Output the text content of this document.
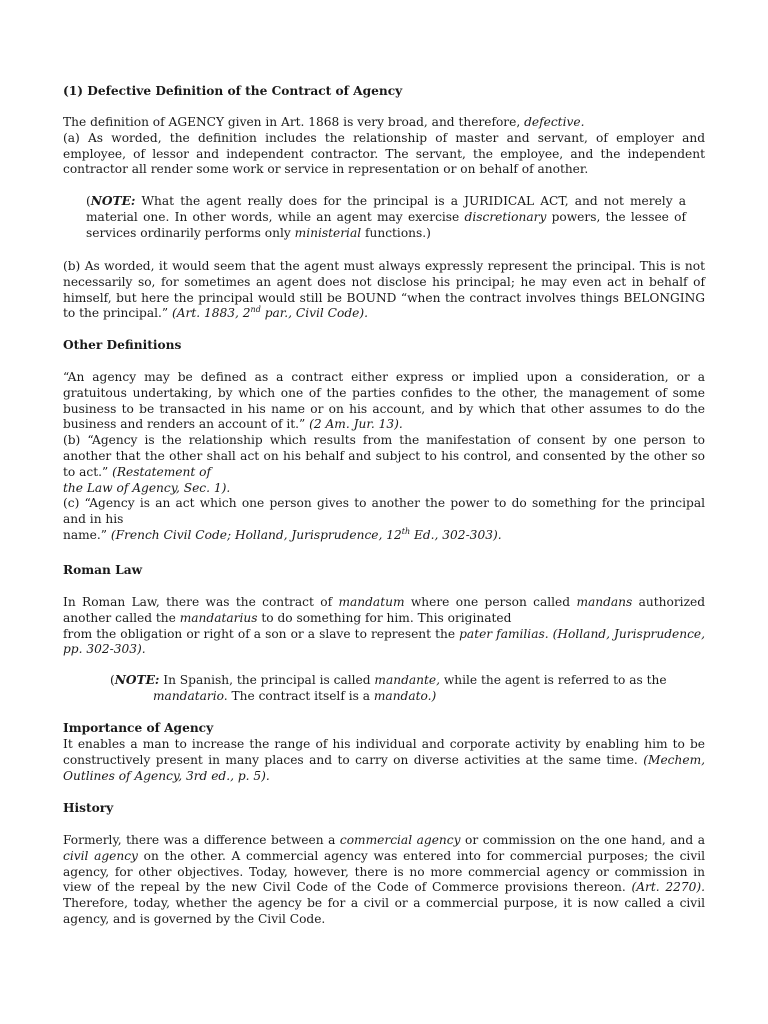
(1) Defective Definition of the Contract of Agency

The definition of AGENCY given in Art. 1868 is very broad, and therefore, defective.
(a) As worded, the definition includes the relationship of master and servant, of employer and employee, of lessor and independent contractor. The servant, the employee, and the independent contractor all render some work or service in representation or on behalf of another.

(NOTE: What the agent really does for the principal is a JURIDICAL ACT, and not merely a material one. In other words, while an agent may exercise discretionary powers, the lessee of services ordinarily performs only ministerial functions.)

(b) As worded, it would seem that the agent must always expressly represent the principal. This is not necessarily so, for sometimes an agent does not disclose his principal; he may even act in behalf of himself, but here the principal would still be BOUND “when the contract involves things BELONGING to the principal.” (Art. 1883, 2nd par., Civil Code).

Other Definitions

“An agency may be defined as a contract either express or implied upon a consideration, or a gratuitous undertaking, by which one of the parties confides to the other, the management of some business to be transacted in his name or on his account, and by which that other assumes to do the business and renders an account of it.” (2 Am. Jur. 13).
(b) “Agency is the relationship which results from the manifestation of consent by one person to another that the other shall act on his behalf and subject to his control, and consented by the other so to act.” (Restatement of
the Law of Agency, Sec. 1).
(c) “Agency is an act which one person gives to another the power to do something for the principal and in his
name.” (French Civil Code; Holland, Jurisprudence, 12th Ed., 302-303).

Roman Law

In Roman Law, there was the contract of mandatum where one person called mandans authorized another called the mandatarius to do something for him. This originated
from the obligation or right of a son or a slave to represent the pater familias. (Holland, Jurisprudence, pp. 302-303).

(NOTE: In Spanish, the principal is called mandante, while the agent is referred to as the mandatario. The contract itself is a mandato.)

Importance of Agency

It enables a man to increase the range of his individual and corporate activity by enabling him to be constructively present in many places and to carry on diverse activities at the same time. (Mechem, Outlines of Agency, 3rd ed., p. 5).

History

Formerly, there was a difference between a commercial agency or commission on the one hand, and a civil agency on the other. A commercial agency was entered into for commercial purposes; the civil agency, for other objectives. Today, however, there is no more commercial agency or commission in view of the repeal by the new Civil Code of the Code of Commerce provisions thereon. (Art. 2270). Therefore, today, whether the agency be for a civil or a commercial purpose, it is now called a civil agency, and is governed by the Civil Code.
